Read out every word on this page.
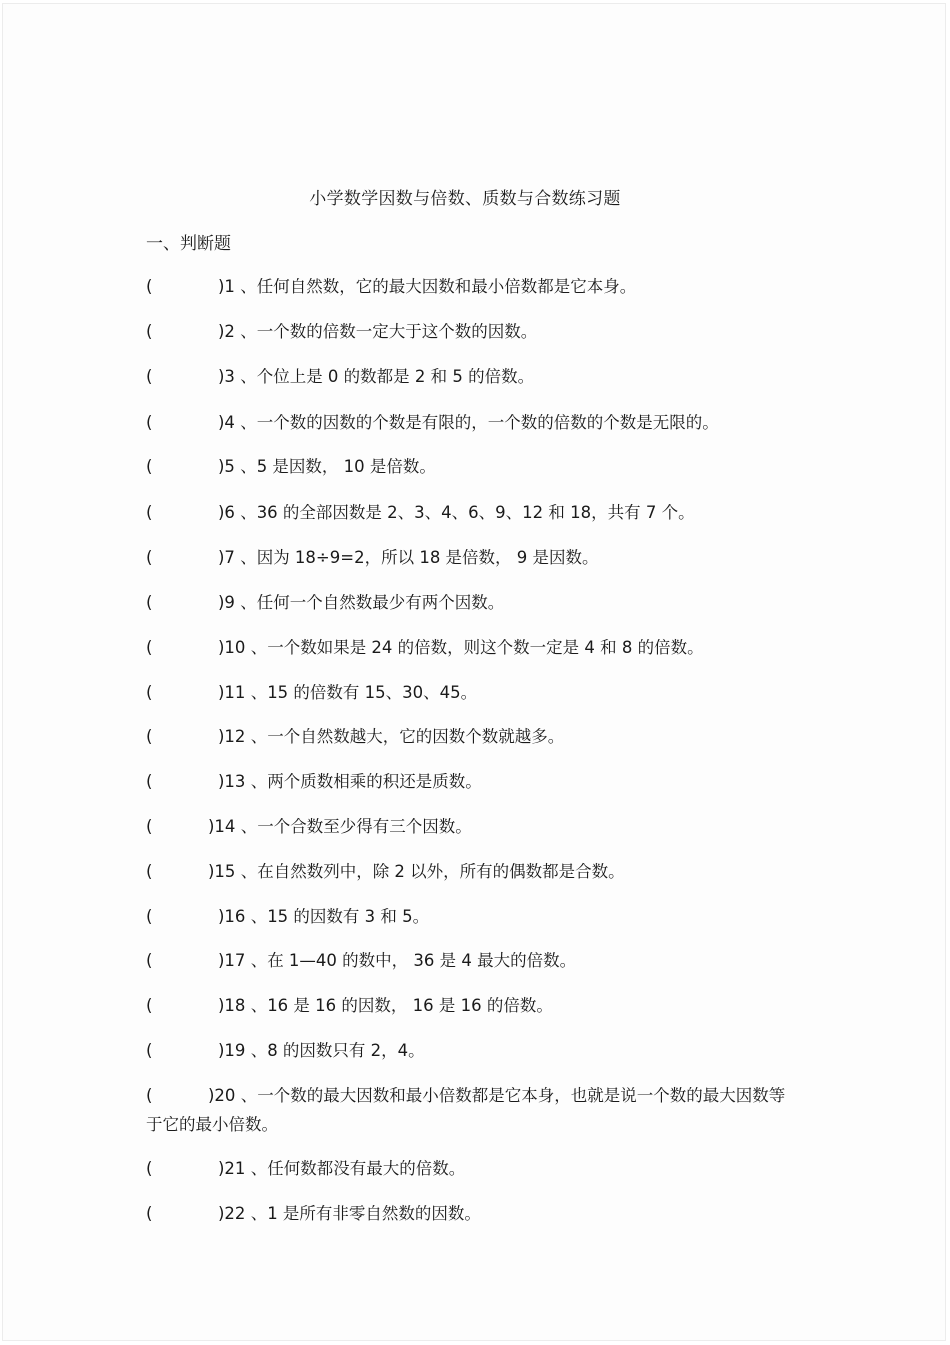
小学数学因数与倍数、质数与合数练习题
一、判断题
(	)1 、任何自然数，它的最大因数和最小倍数都是它本身。
(	)2 、一个数的倍数一定大于这个数的因数。
(	)3 、个位上是 0 的数都是 2 和 5 的倍数。
(	)4 、一个数的因数的个数是有限的，一个数的倍数的个数是无限的。
(	)5 、5 是因数， 10 是倍数。
(	)6 、36 的全部因数是 2、3、4、6、9、12 和 18，共有 7 个。
(	)7 、因为 18÷9=2，所以 18 是倍数， 9 是因数。
(	)9 、任何一个自然数最少有两个因数。
(	)10 、一个数如果是 24 的倍数，则这个数一定是 4 和 8 的倍数。
(	)11 、15 的倍数有 15、30、45。
(	)12 、一个自然数越大，它的因数个数就越多。
(	)13 、两个质数相乘的积还是质数。
(	)14 、一个合数至少得有三个因数。
(	)15 、在自然数列中，除 2 以外，所有的偶数都是合数。
(	)16 、15 的因数有 3 和 5。
(	)17 、在 1—40 的数中， 36 是 4 最大的倍数。
(	)18 、16 是 16 的因数， 16 是 16 的倍数。
(	)19 、8 的因数只有 2，4。
(	)20 、一个数的最大因数和最小倍数都是它本身，也就是说一个数的最大因数等于它的最小倍数。
(	)21 、任何数都没有最大的倍数。
(	)22 、1 是所有非零自然数的因数。
